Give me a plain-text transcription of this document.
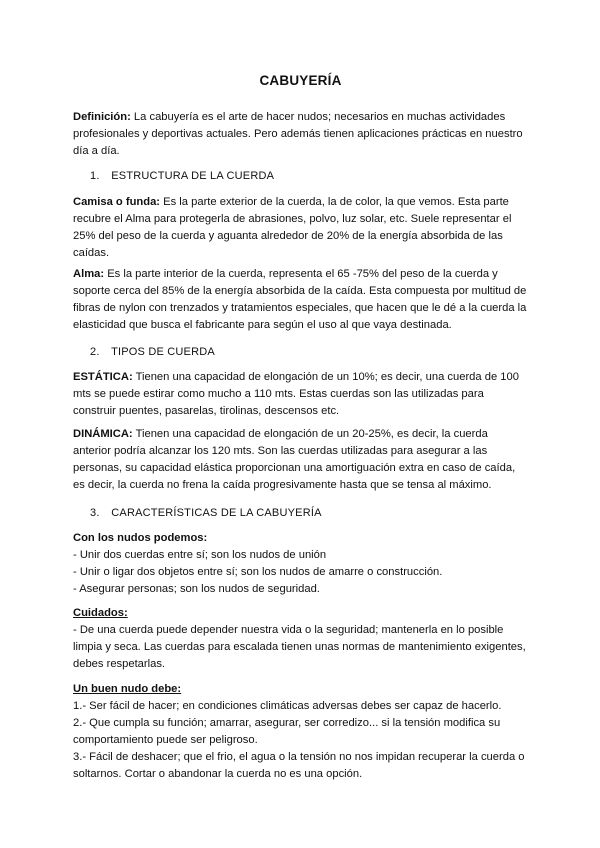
CABUYERÍA

Definición: La cabuyería es el arte de hacer nudos; necesarios en muchas actividades profesionales y deportivas actuales. Pero además tienen aplicaciones prácticas en nuestro día a día.

1. ESTRUCTURA DE LA CUERDA

Camisa o funda: Es la parte exterior de la cuerda, la de color, la que vemos. Esta parte recubre el Alma para protegerla de abrasiones, polvo, luz solar, etc. Suele representar el 25% del peso de la cuerda y aguanta alrededor de 20% de la energía absorbida de las caídas.

Alma: Es la parte interior de la cuerda, representa el 65 -75% del peso de la cuerda y soporte cerca del 85% de la energía absorbida de la caída. Esta compuesta por multitud de fibras de nylon con trenzados y tratamientos especiales, que hacen que le dé a la cuerda la elasticidad que busca el fabricante para según el uso al que vaya destinada.

2. TIPOS DE CUERDA

ESTÁTICA: Tienen una capacidad de elongación de un 10%; es decir, una cuerda de 100 mts se puede estirar como mucho a 110 mts. Estas cuerdas son las utilizadas para construir puentes, pasarelas, tirolinas, descensos etc.

DINÁMICA: Tienen una capacidad de elongación de un 20-25%, es decir, la cuerda anterior podría alcanzar los 120 mts. Son las cuerdas utilizadas para asegurar a las personas, su capacidad elástica proporcionan una amortiguación extra en caso de caída, es decir, la cuerda no frena la caída progresivamente hasta que se tensa al máximo.

3. CARACTERÍSTICAS DE LA CABUYERÍA

Con los nudos podemos:

- Unir dos cuerdas entre sí; son los nudos de unión

- Unir o ligar dos objetos entre sí; son los nudos de amarre o construcción.

- Asegurar personas; son los nudos de seguridad.

Cuidados:

- De una cuerda puede depender nuestra vida o la seguridad; mantenerla en lo posible limpia y seca. Las cuerdas para escalada tienen unas normas de mantenimiento exigentes, debes respetarlas.

Un buen nudo debe:

1.- Ser fácil de hacer; en condiciones climáticas adversas debes ser capaz de hacerlo.

2.- Que cumpla su función; amarrar, asegurar, ser corredizo... si la tensión modifica su comportamiento puede ser peligroso.

3.- Fácil de deshacer; que el frio, el agua o la tensión no nos impidan recuperar la cuerda o soltarnos. Cortar o abandonar la cuerda no es una opción.
